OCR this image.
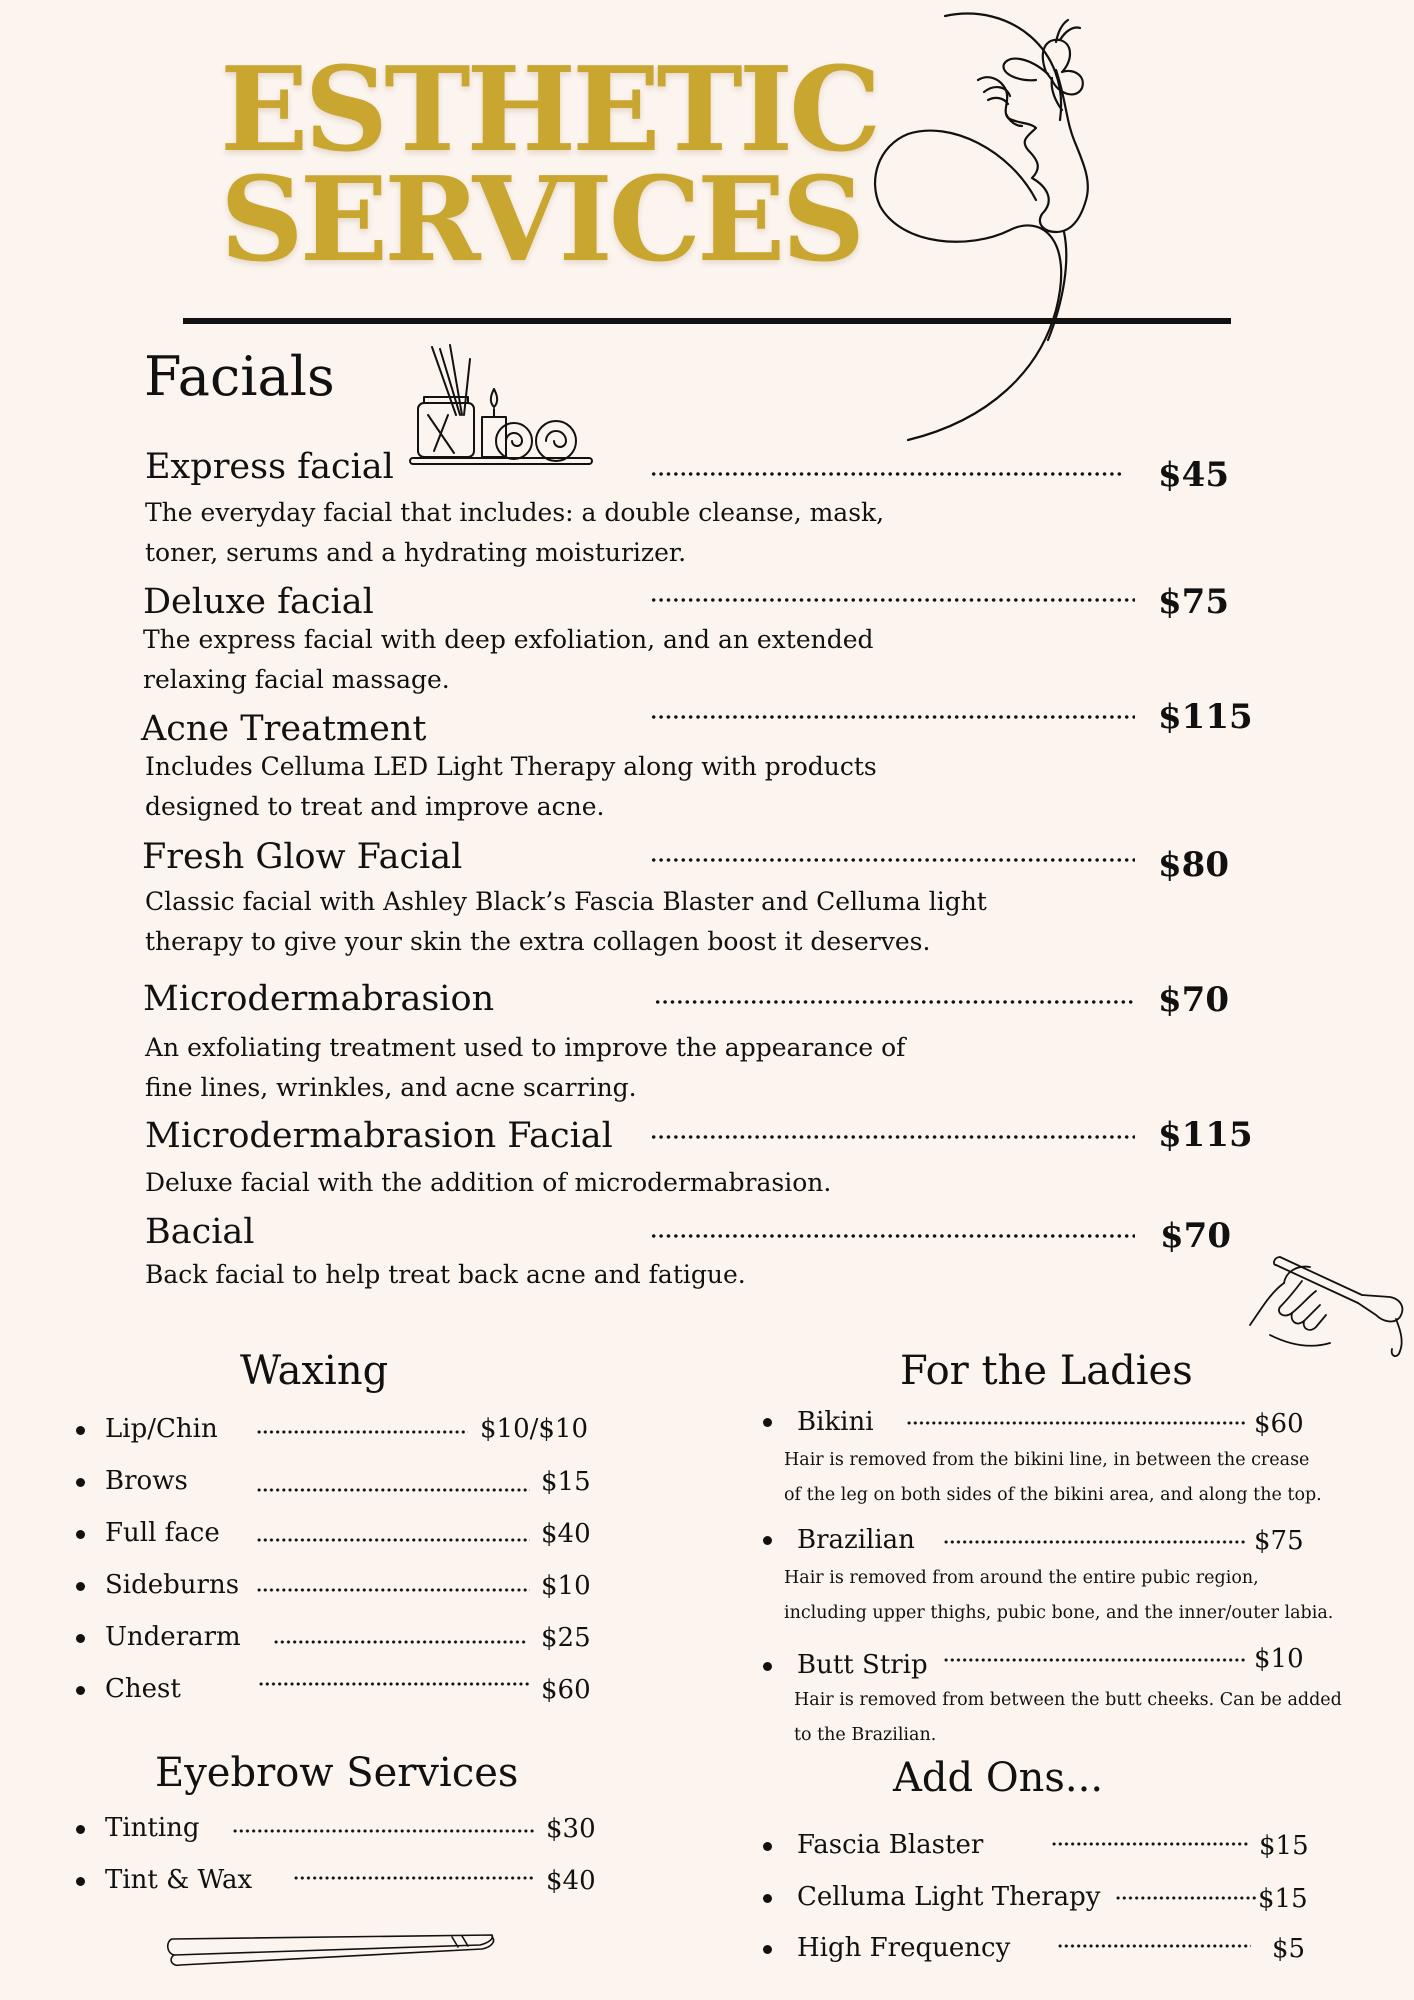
ESTHETIC
SERVICES
Facials
Express facial	$45
The everyday facial that includes: a double cleanse, mask,
toner, serums and a hydrating moisturizer.
Deluxe facial	$75
The express facial with deep exfoliation, and an extended
relaxing facial massage.
Acne Treatment	$115
Includes Celluma LED Light Therapy along with products
designed to treat and improve acne.
Fresh Glow Facial	$80
Classic facial with Ashley Black’s Fascia Blaster and Celluma light
therapy to give your skin the extra collagen boost it deserves.
Microdermabrasion	$70
An exfoliating treatment used to improve the appearance of
fine lines, wrinkles, and acne scarring.
Microdermabrasion Facial	$115
Deluxe facial with the addition of microdermabrasion.
Bacial	$70
Back facial to help treat back acne and fatigue.
Waxing
Lip/Chin	$10/$10
Brows	$15
Full face	$40
Sideburns	$10
Underarm	$25
Chest	$60
Eyebrow Services
Tinting	$30
Tint & Wax	$40
For the Ladies
Bikini	$60
Hair is removed from the bikini line, in between the crease
of the leg on both sides of the bikini area, and along the top.
Brazilian	$75
Hair is removed from around the entire pubic region,
including upper thighs, pubic bone, and the inner/outer labia.
Butt Strip	$10
Hair is removed from between the butt cheeks. Can be added
to the Brazilian.
Add Ons...
Fascia Blaster	$15
Celluma Light Therapy	$15
High Frequency	$5
